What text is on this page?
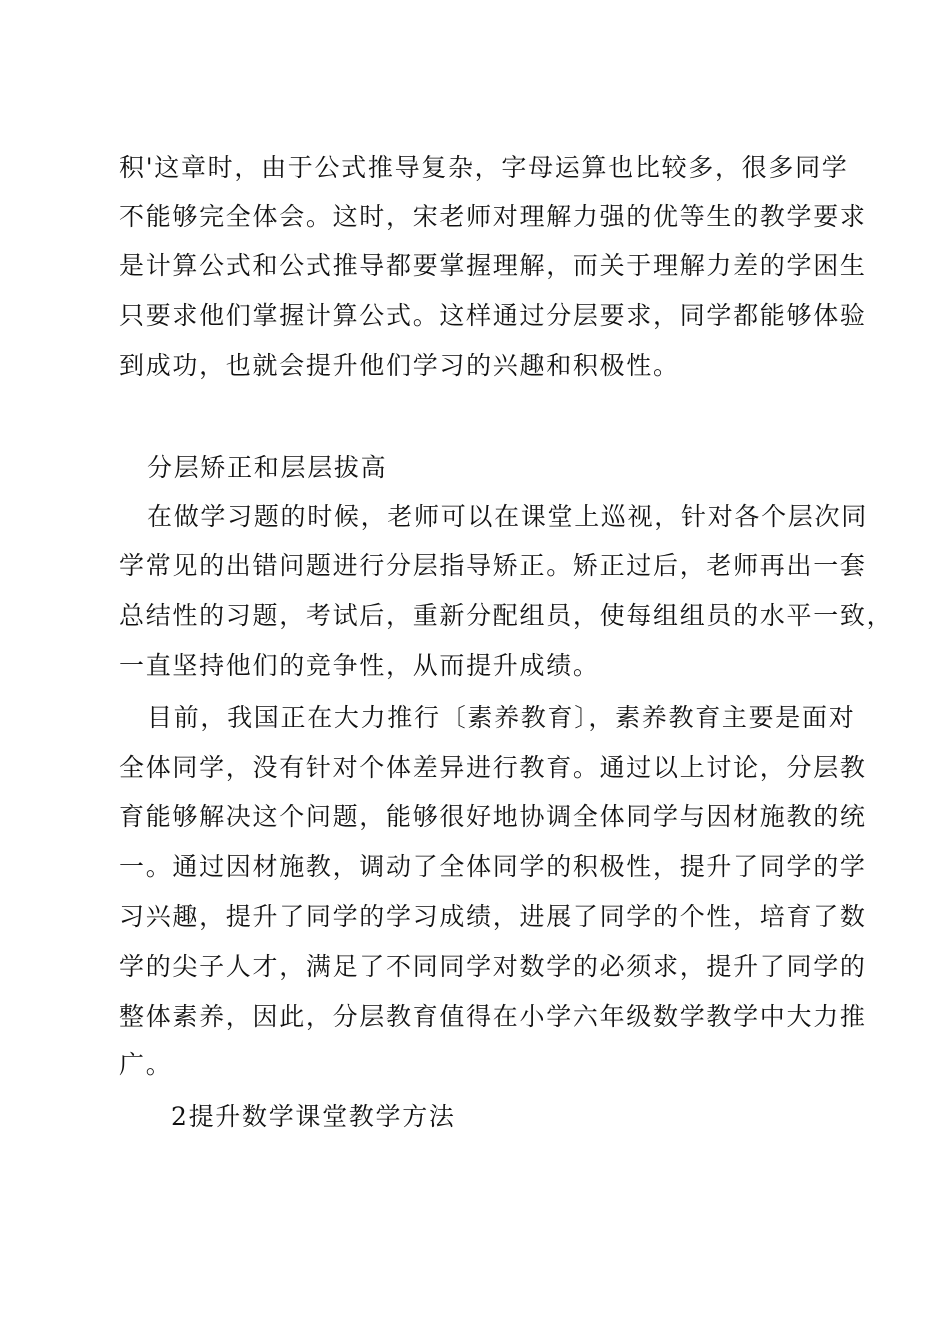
积'这章时，由于公式推导复杂，字母运算也比较多，很多同学
不能够完全体会。这时，宋老师对理解力强的优等生的教学要求
是计算公式和公式推导都要掌握理解，而关于理解力差的学困生
只要求他们掌握计算公式。这样通过分层要求，同学都能够体验
到成功，也就会提升他们学习的兴趣和积极性。
分层矫正和层层拔高
在做学习题的时候，老师可以在课堂上巡视，针对各个层次同
学常见的出错问题进行分层指导矫正。矫正过后，老师再出一套
总结性的习题，考试后，重新分配组员，使每组组员的水平一致，
一直坚持他们的竞争性，从而提升成绩。
目前，我国正在大力推行〔素养教育〕，素养教育主要是面对
全体同学，没有针对个体差异进行教育。通过以上讨论，分层教
育能够解决这个问题，能够很好地协调全体同学与因材施教的统
一。通过因材施教，调动了全体同学的积极性，提升了同学的学
习兴趣，提升了同学的学习成绩，进展了同学的个性，培育了数
学的尖子人才，满足了不同同学对数学的必须求，提升了同学的
整体素养，因此，分层教育值得在小学六年级数学教学中大力推
广。
2提升数学课堂教学方法
